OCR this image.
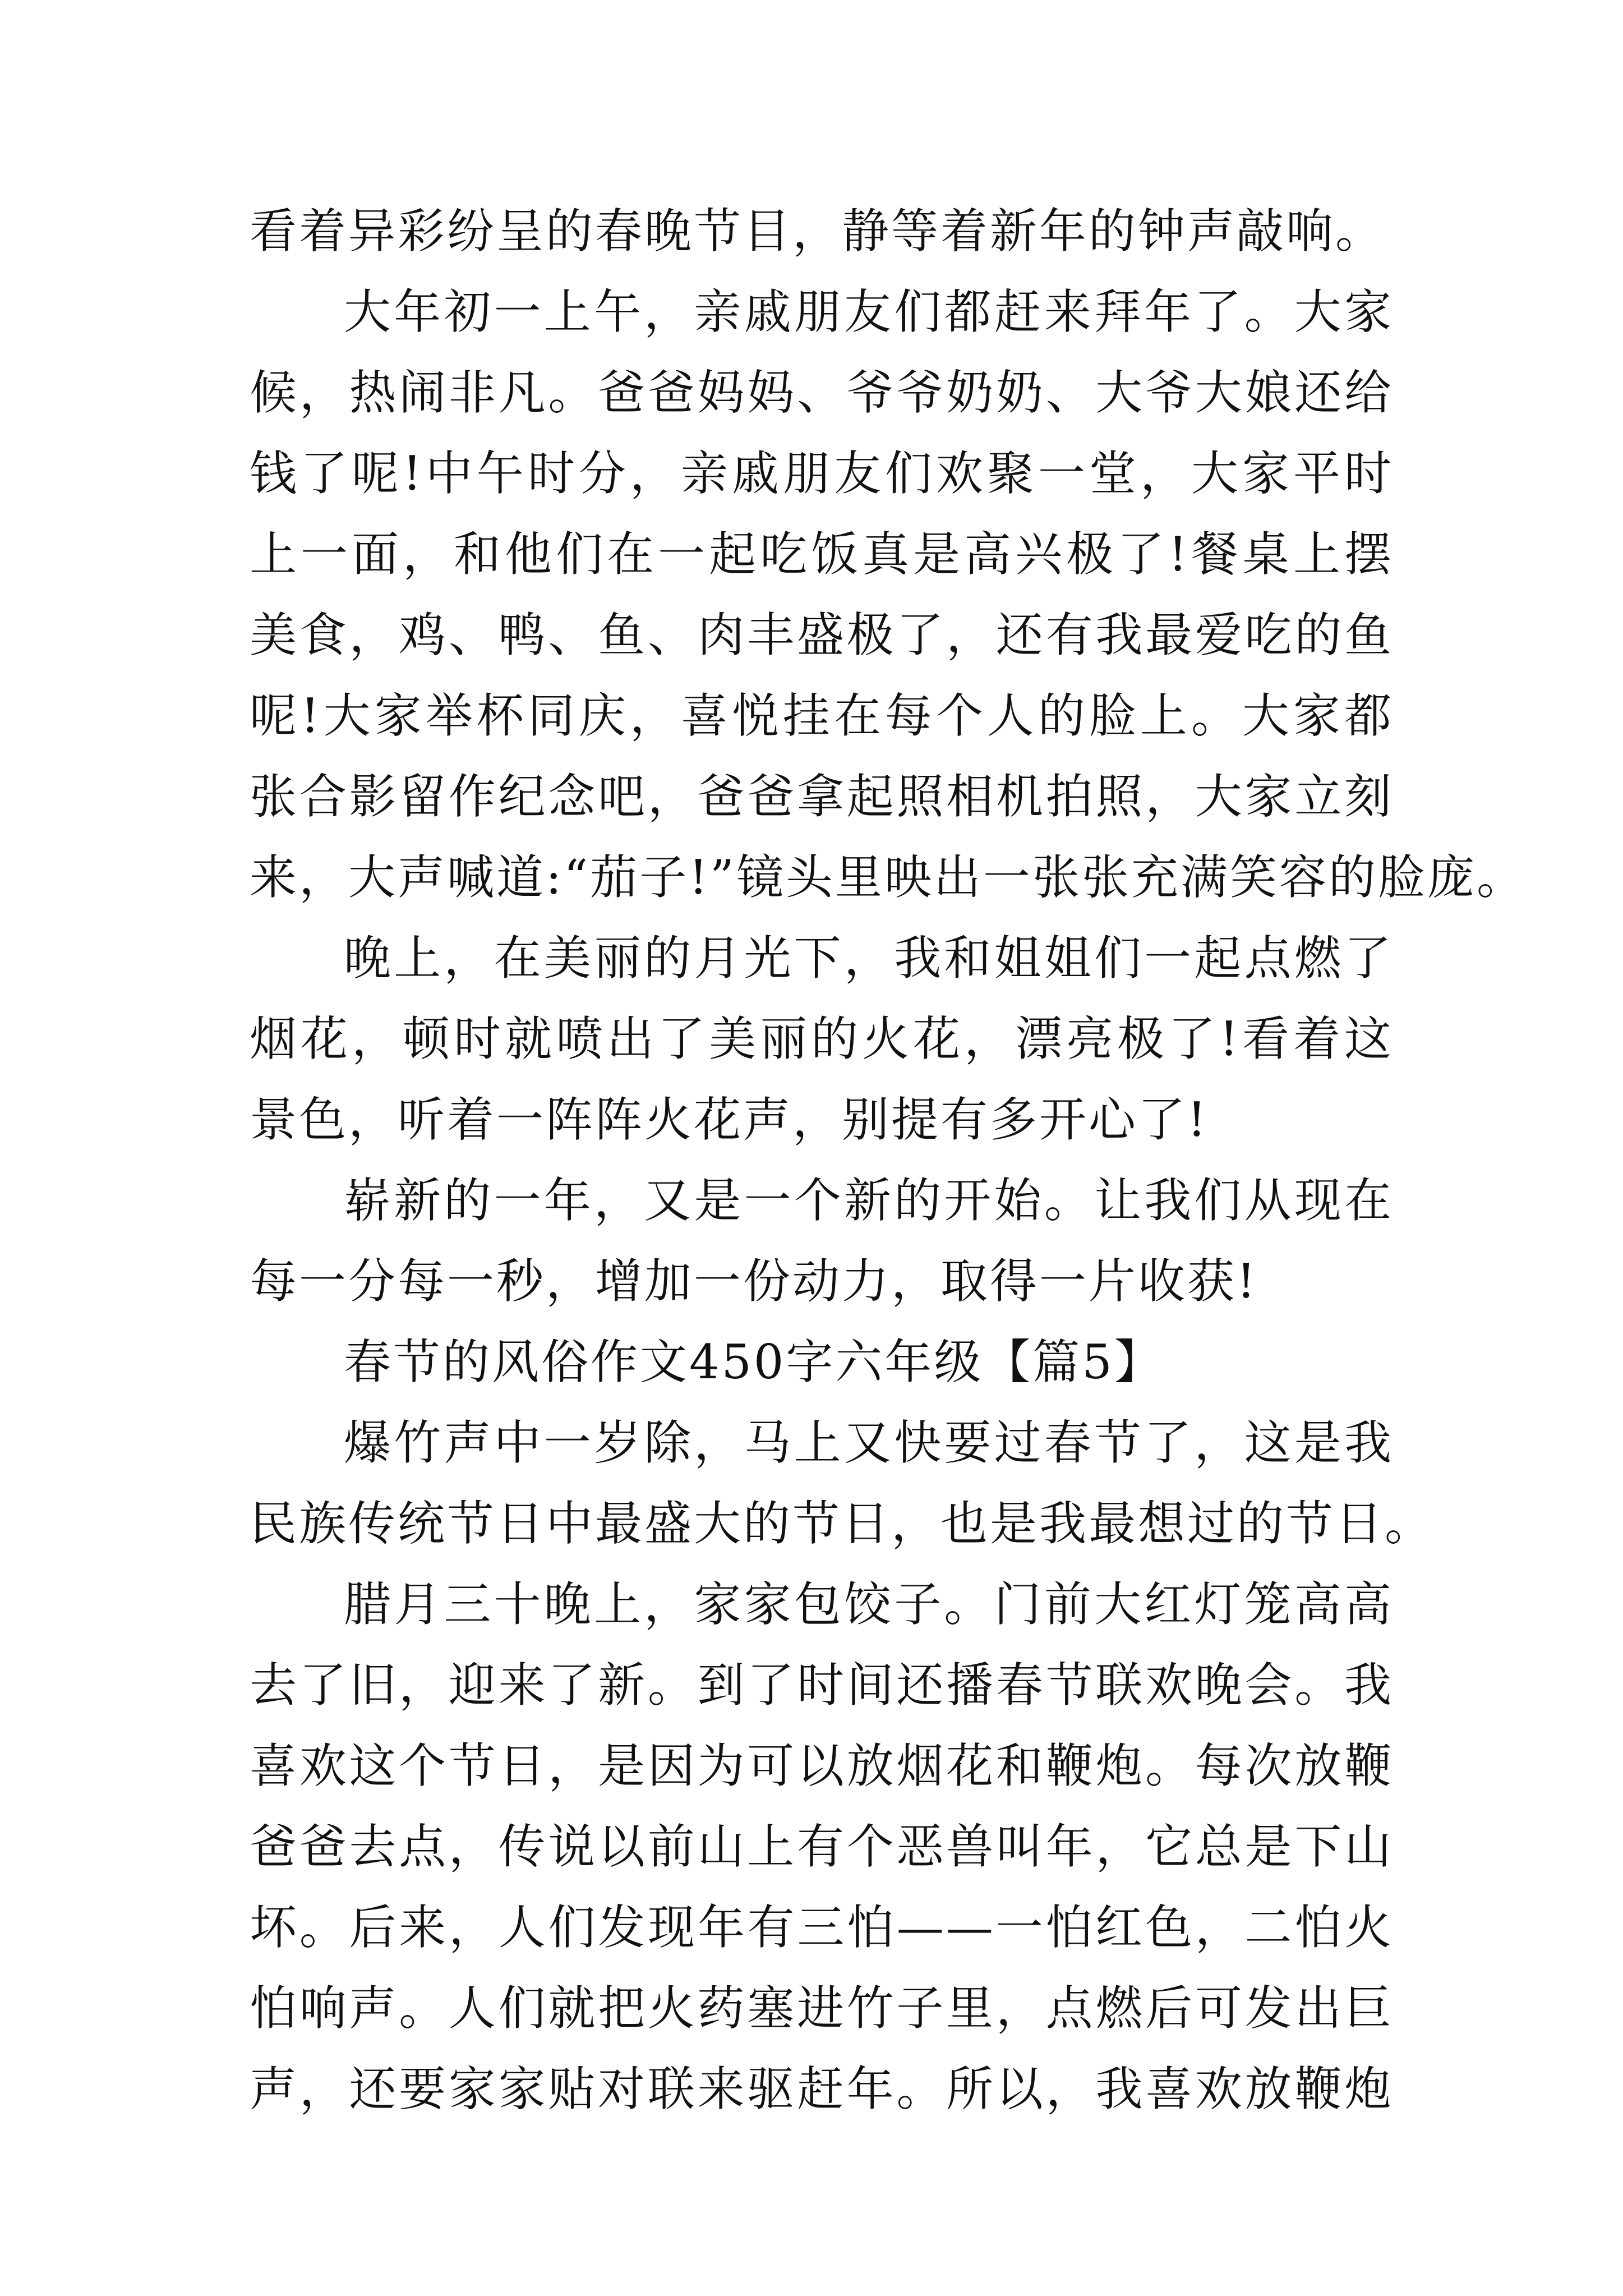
看着异彩纷呈的春晚节目，静等着新年的钟声敲响。
大年初一上午，亲戚朋友们都赶来拜年了。大家
候，热闹非凡。爸爸妈妈、爷爷奶奶、大爷大娘还给
钱了呢!中午时分，亲戚朋友们欢聚一堂，大家平时
上一面，和他们在一起吃饭真是高兴极了!餐桌上摆
美食，鸡、鸭、鱼、肉丰盛极了，还有我最爱吃的鱼
呢!大家举杯同庆，喜悦挂在每个人的脸上。大家都
张合影留作纪念吧，爸爸拿起照相机拍照，大家立刻
来，大声喊道:“茄子!”镜头里映出一张张充满笑容的脸庞。
晚上，在美丽的月光下，我和姐姐们一起点燃了
烟花，顿时就喷出了美丽的火花，漂亮极了!看着这
景色，听着一阵阵火花声，别提有多开心了!
崭新的一年，又是一个新的开始。让我们从现在
每一分每一秒，增加一份动力，取得一片收获!
春节的风俗作文450字六年级【篇5】
爆竹声中一岁除，马上又快要过春节了，这是我
民族传统节日中最盛大的节日，也是我最想过的节日。
腊月三十晚上，家家包饺子。门前大红灯笼高高
去了旧，迎来了新。到了时间还播春节联欢晚会。我
喜欢这个节日，是因为可以放烟花和鞭炮。每次放鞭
爸爸去点，传说以前山上有个恶兽叫年，它总是下山
坏。后来，人们发现年有三怕——一怕红色，二怕火
怕响声。人们就把火药塞进竹子里，点燃后可发出巨
声，还要家家贴对联来驱赶年。所以，我喜欢放鞭炮
